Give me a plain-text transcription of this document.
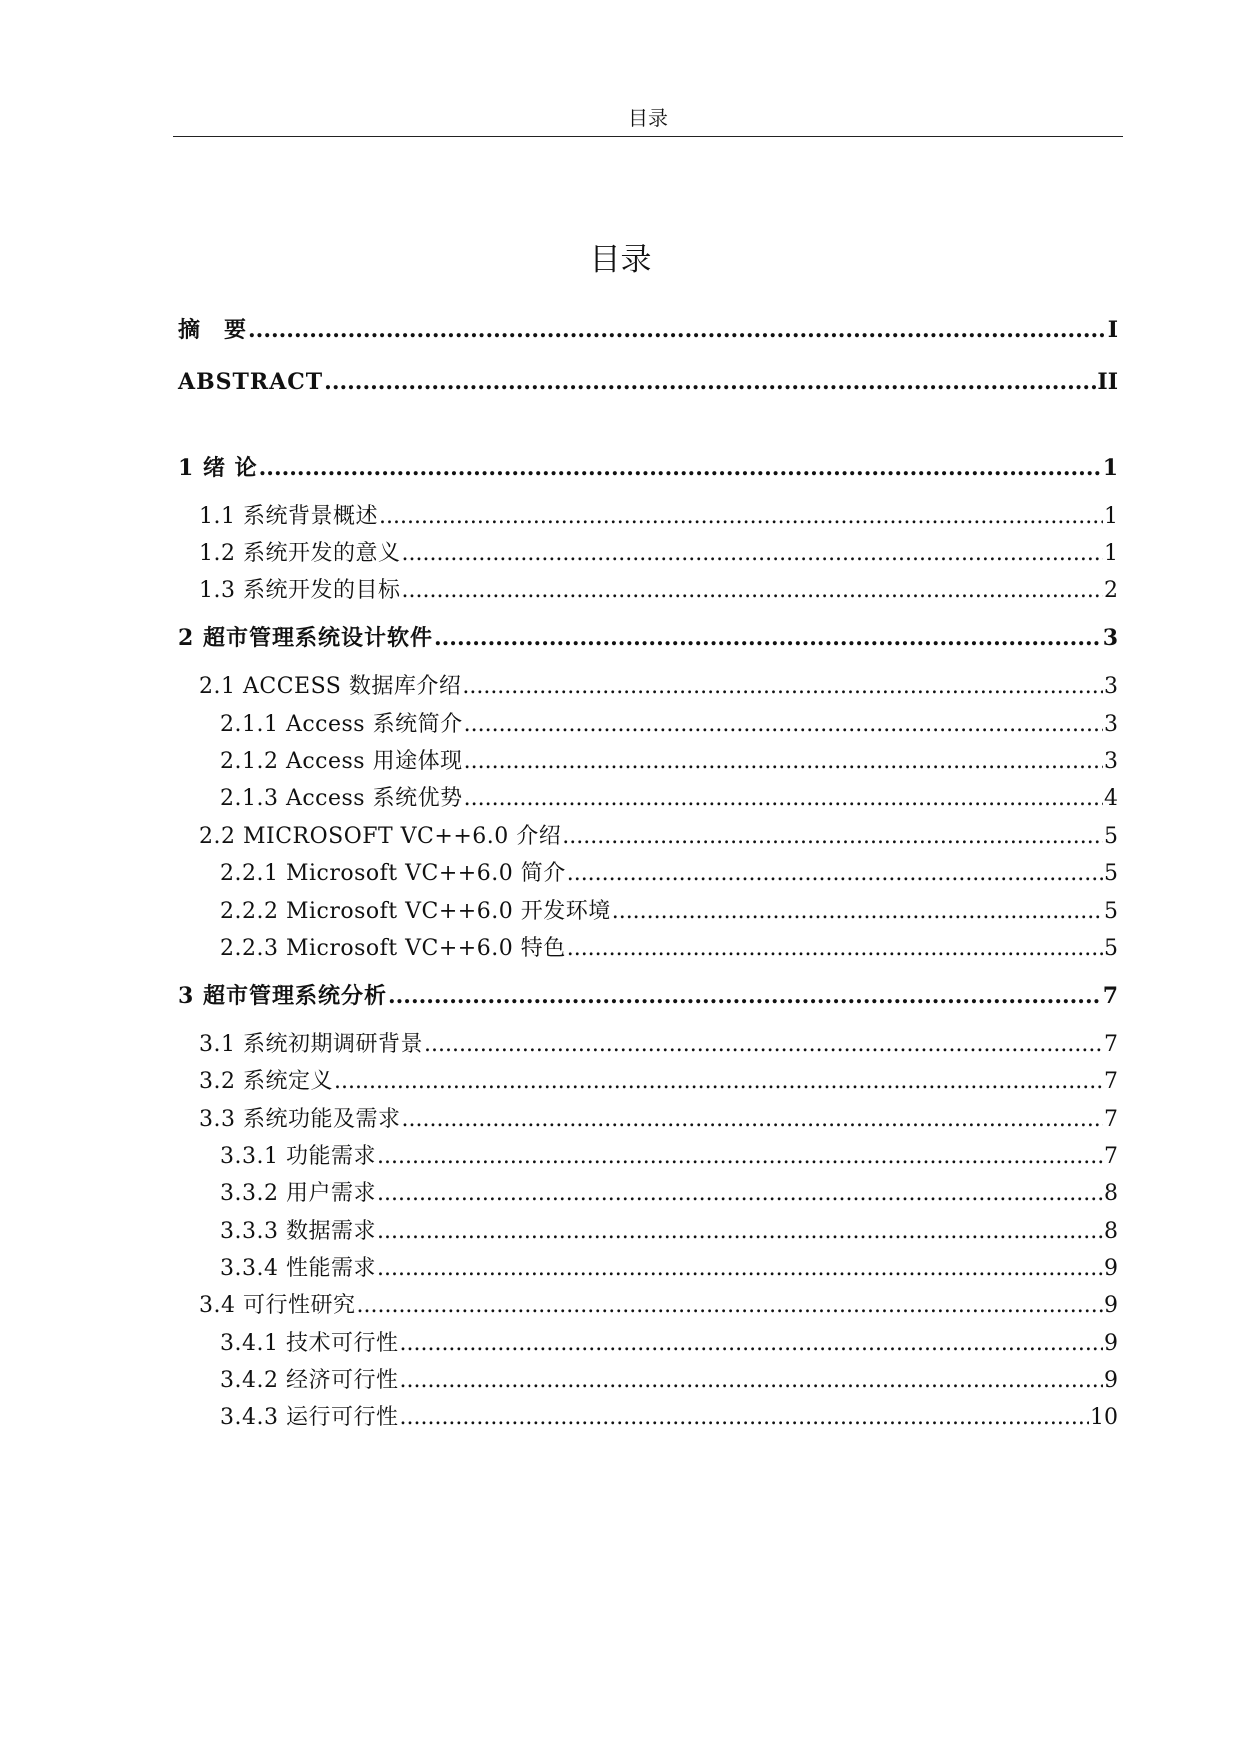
目录
目录
摘　要 .....	I
ABSTRACT .....	II
1 绪 论 .....	1
1.1 系统背景概述 .....	1
1.2 系统开发的意义 .....	1
1.3 系统开发的目标 .....	2
2 超市管理系统设计软件 .....	3
2.1 ACCESS 数据库介绍 .....	3
2.1.1 Access 系统简介 .....	3
2.1.2 Access 用途体现 .....	3
2.1.3 Access 系统优势 .....	4
2.2 MICROSOFT VC++6.0 介绍 .....	5
2.2.1 Microsoft VC++6.0 简介 .....	5
2.2.2 Microsoft VC++6.0 开发环境 .....	5
2.2.3 Microsoft VC++6.0 特色 .....	5
3 超市管理系统分析 .....	7
3.1 系统初期调研背景 .....	7
3.2 系统定义 .....	7
3.3 系统功能及需求 .....	7
3.3.1 功能需求 .....	7
3.3.2 用户需求 .....	8
3.3.3 数据需求 .....	8
3.3.4 性能需求 .....	9
3.4 可行性研究 .....	9
3.4.1 技术可行性 .....	9
3.4.2 经济可行性 .....	9
3.4.3 运行可行性 .....	10
